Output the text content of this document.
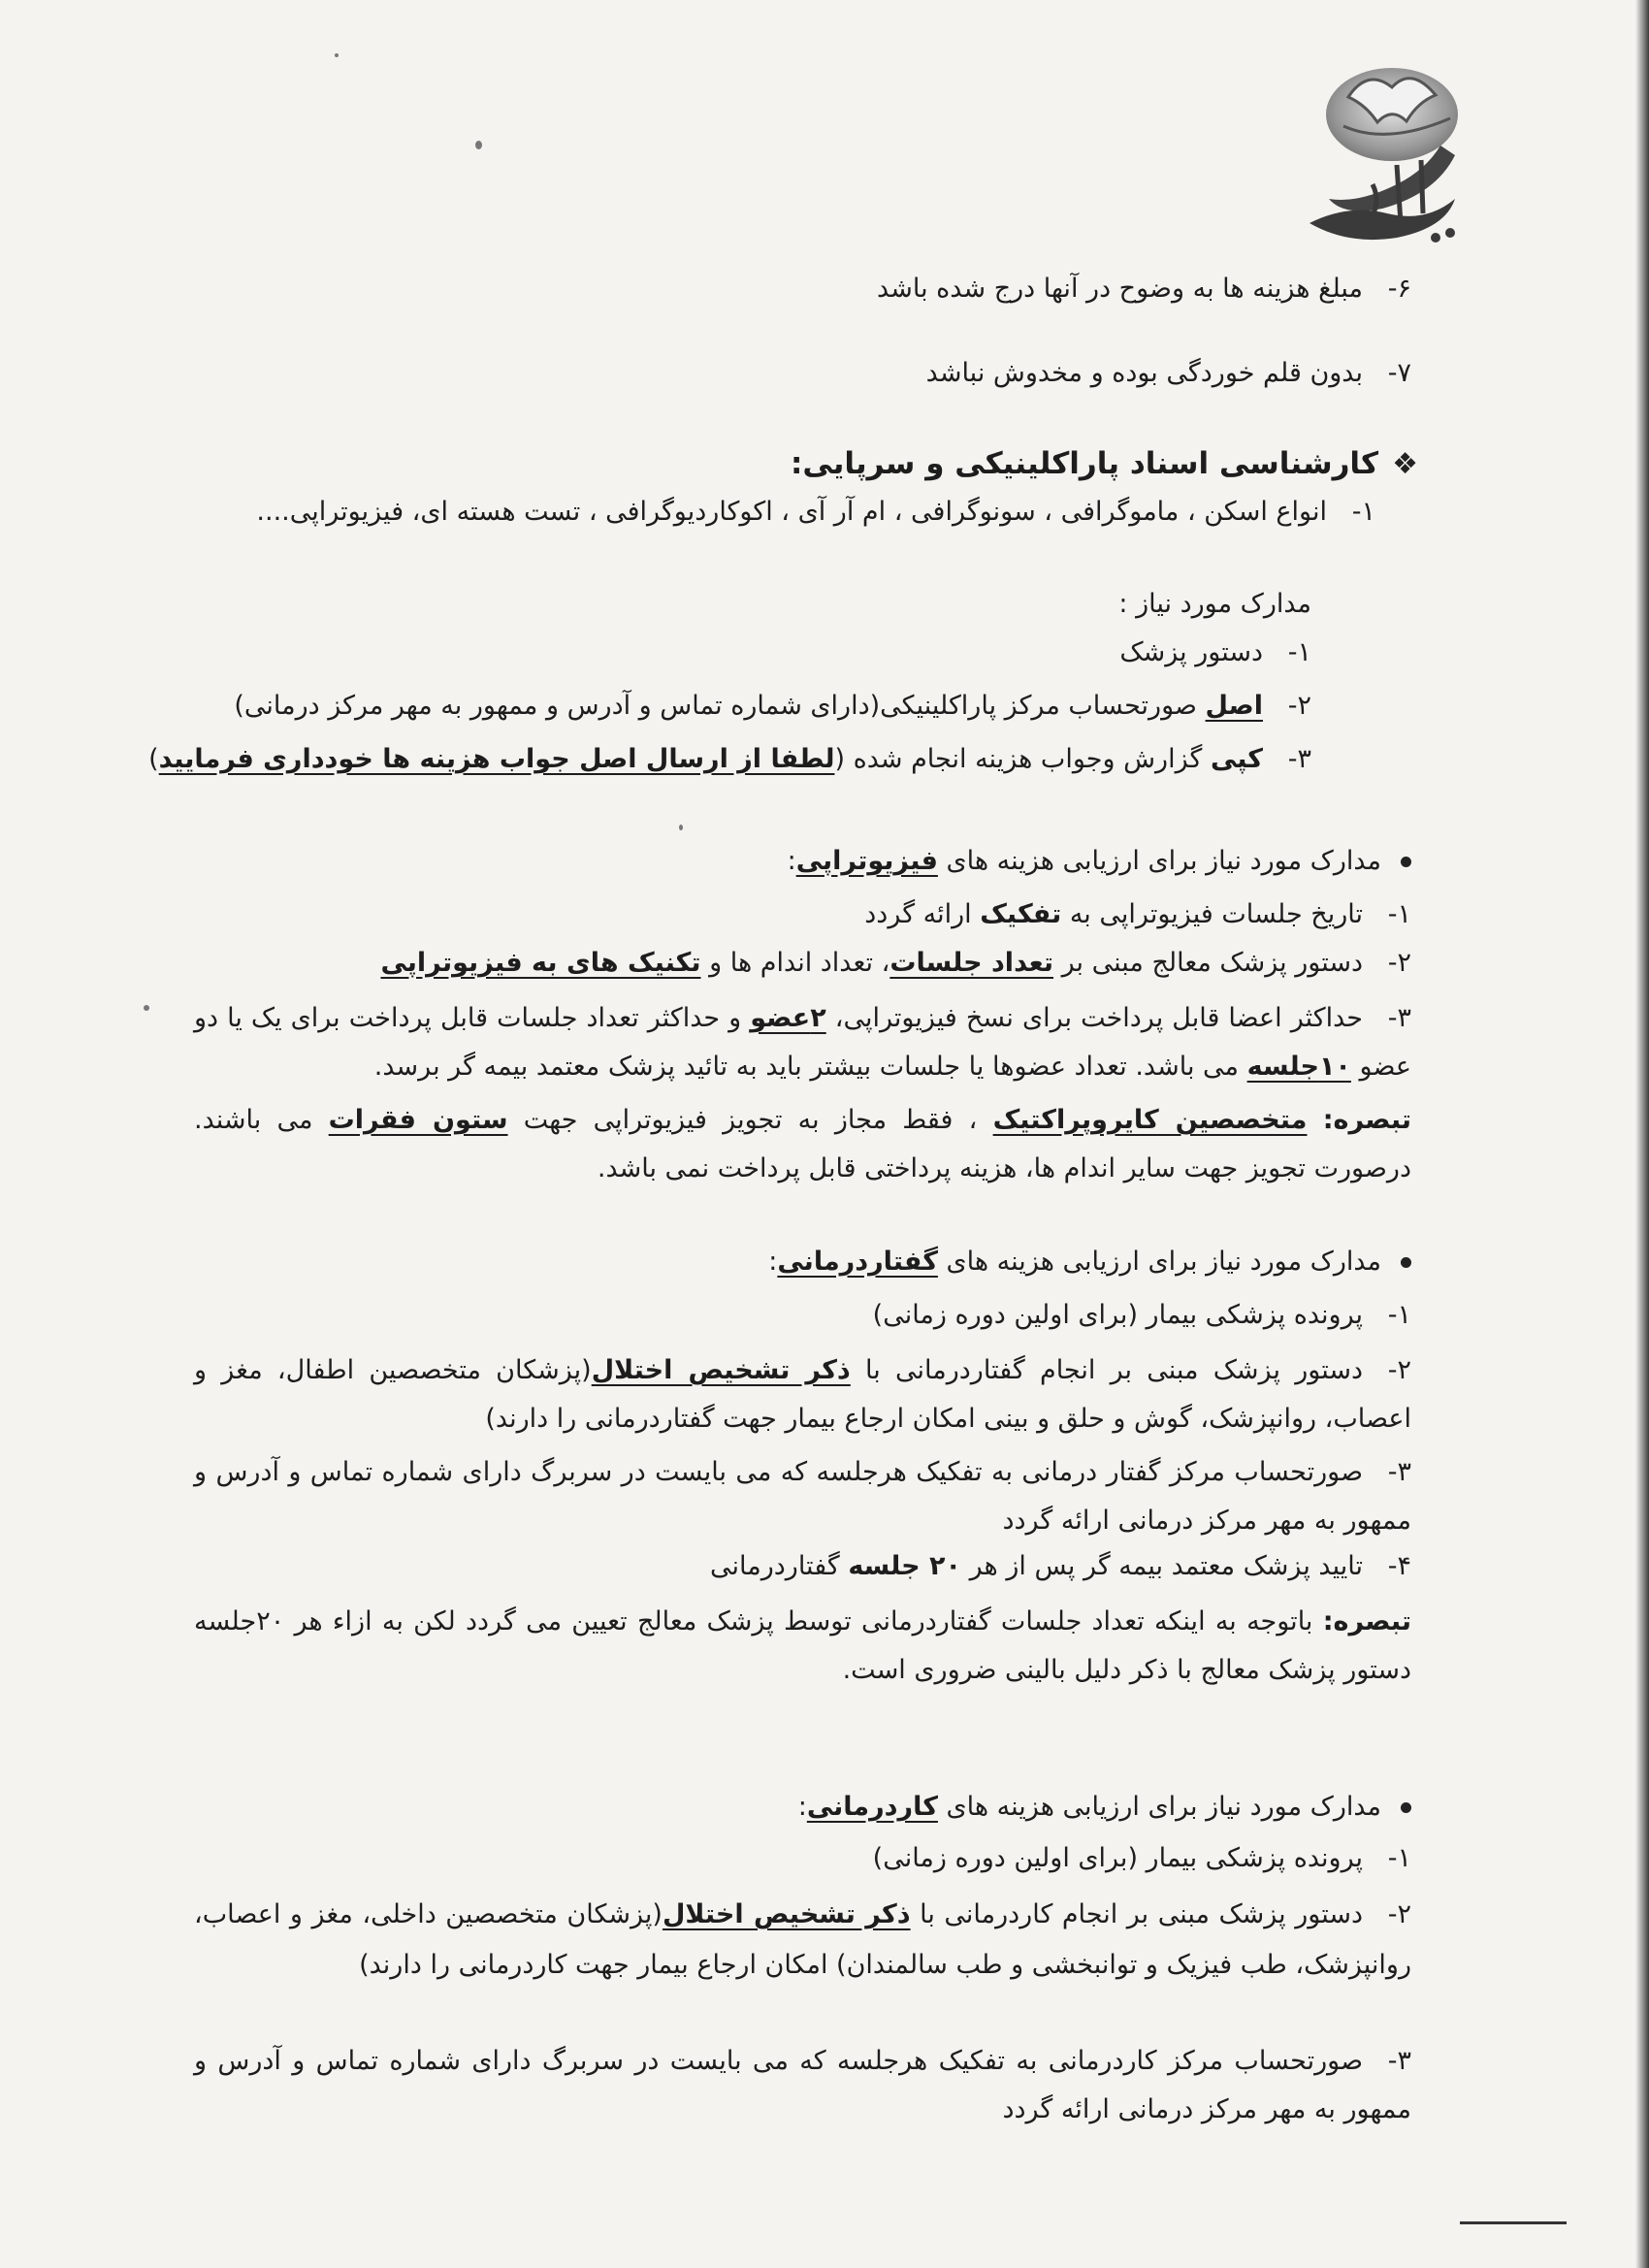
۶-مبلغ هزینه ها به وضوح در آنها درج شده باشد
۷-بدون قلم خوردگی بوده و مخدوش نباشد
❖کارشناسی اسناد پاراکلینیکی و سرپایی:
۱-انواع اسکن ، ماموگرافی ، سونوگرافی ، ام آر آی ، اکوکاردیوگرافی ، تست هسته ای، فیزیوتراپی....
مدارک مورد نیاز :
۱-دستور پزشک
۲-اصل صورتحساب مرکز پاراکلینیکی(دارای شماره تماس و آدرس و ممهور به مهر مرکز درمانی)
۳-کپی گزارش وجواب هزینه انجام شده (لطفا از ارسال اصل جواب هزینه ها خودداری فرمایید)
مدارک مورد نیاز برای ارزیابی هزینه های فیزیوتراپی:
۱-تاریخ جلسات فیزیوتراپی به تفکیک ارائه گردد
۲-دستور پزشک معالج مبنی بر تعداد جلسات، تعداد اندام ها و تکنیک های به فیزیوتراپی
۳-حداکثر اعضا قابل پرداخت برای نسخ فیزیوتراپی، ۲عضو و حداکثر تعداد جلسات قابل پرداخت برای یک یا دو عضو ۱۰جلسه می باشد. تعداد عضوها یا جلسات بیشتر باید به تائید پزشک معتمد بیمه گر برسد.
تبصره: متخصصین کایروپراکتیک ، فقط مجاز به تجویز فیزیوتراپی جهت ستون فقرات می باشند. درصورت تجویز جهت سایر اندام ها، هزینه پرداختی قابل پرداخت نمی باشد.
مدارک مورد نیاز برای ارزیابی هزینه های گفتاردرمانی:
۱-پرونده پزشکی بیمار (برای اولین دوره زمانی)
۲-دستور پزشک مبنی بر انجام گفتاردرمانی با ذکر تشخیص اختلال(پزشکان متخصصین اطفال، مغز و اعصاب، روانپزشک، گوش و حلق و بینی امکان ارجاع بیمار جهت گفتاردرمانی را دارند)
۳-صورتحساب مرکز گفتار درمانی به تفکیک هرجلسه که می بایست در سربرگ دارای شماره تماس و آدرس و ممهور به مهر مرکز درمانی ارائه گردد
۴-تایید پزشک معتمد بیمه گر پس از هر ۲۰ جلسه گفتاردرمانی
تبصره: باتوجه به اینکه تعداد جلسات گفتاردرمانی توسط پزشک معالج تعیین می گردد لکن به ازاء هر ۲۰جلسه دستور پزشک معالج با ذکر دلیل بالینی ضروری است.
مدارک مورد نیاز برای ارزیابی هزینه های کاردرمانی:
۱-پرونده پزشکی بیمار (برای اولین دوره زمانی)
۲-دستور پزشک مبنی بر انجام کاردرمانی با ذکر تشخیص اختلال(پزشکان متخصصین داخلی، مغز و اعصاب، روانپزشک، طب فیزیک و توانبخشی و طب سالمندان) امکان ارجاع بیمار جهت کاردرمانی را دارند)
۳-صورتحساب مرکز کاردرمانی به تفکیک هرجلسه که می بایست در سربرگ دارای شماره تماس و آدرس و ممهور به مهر مرکز درمانی ارائه گردد
